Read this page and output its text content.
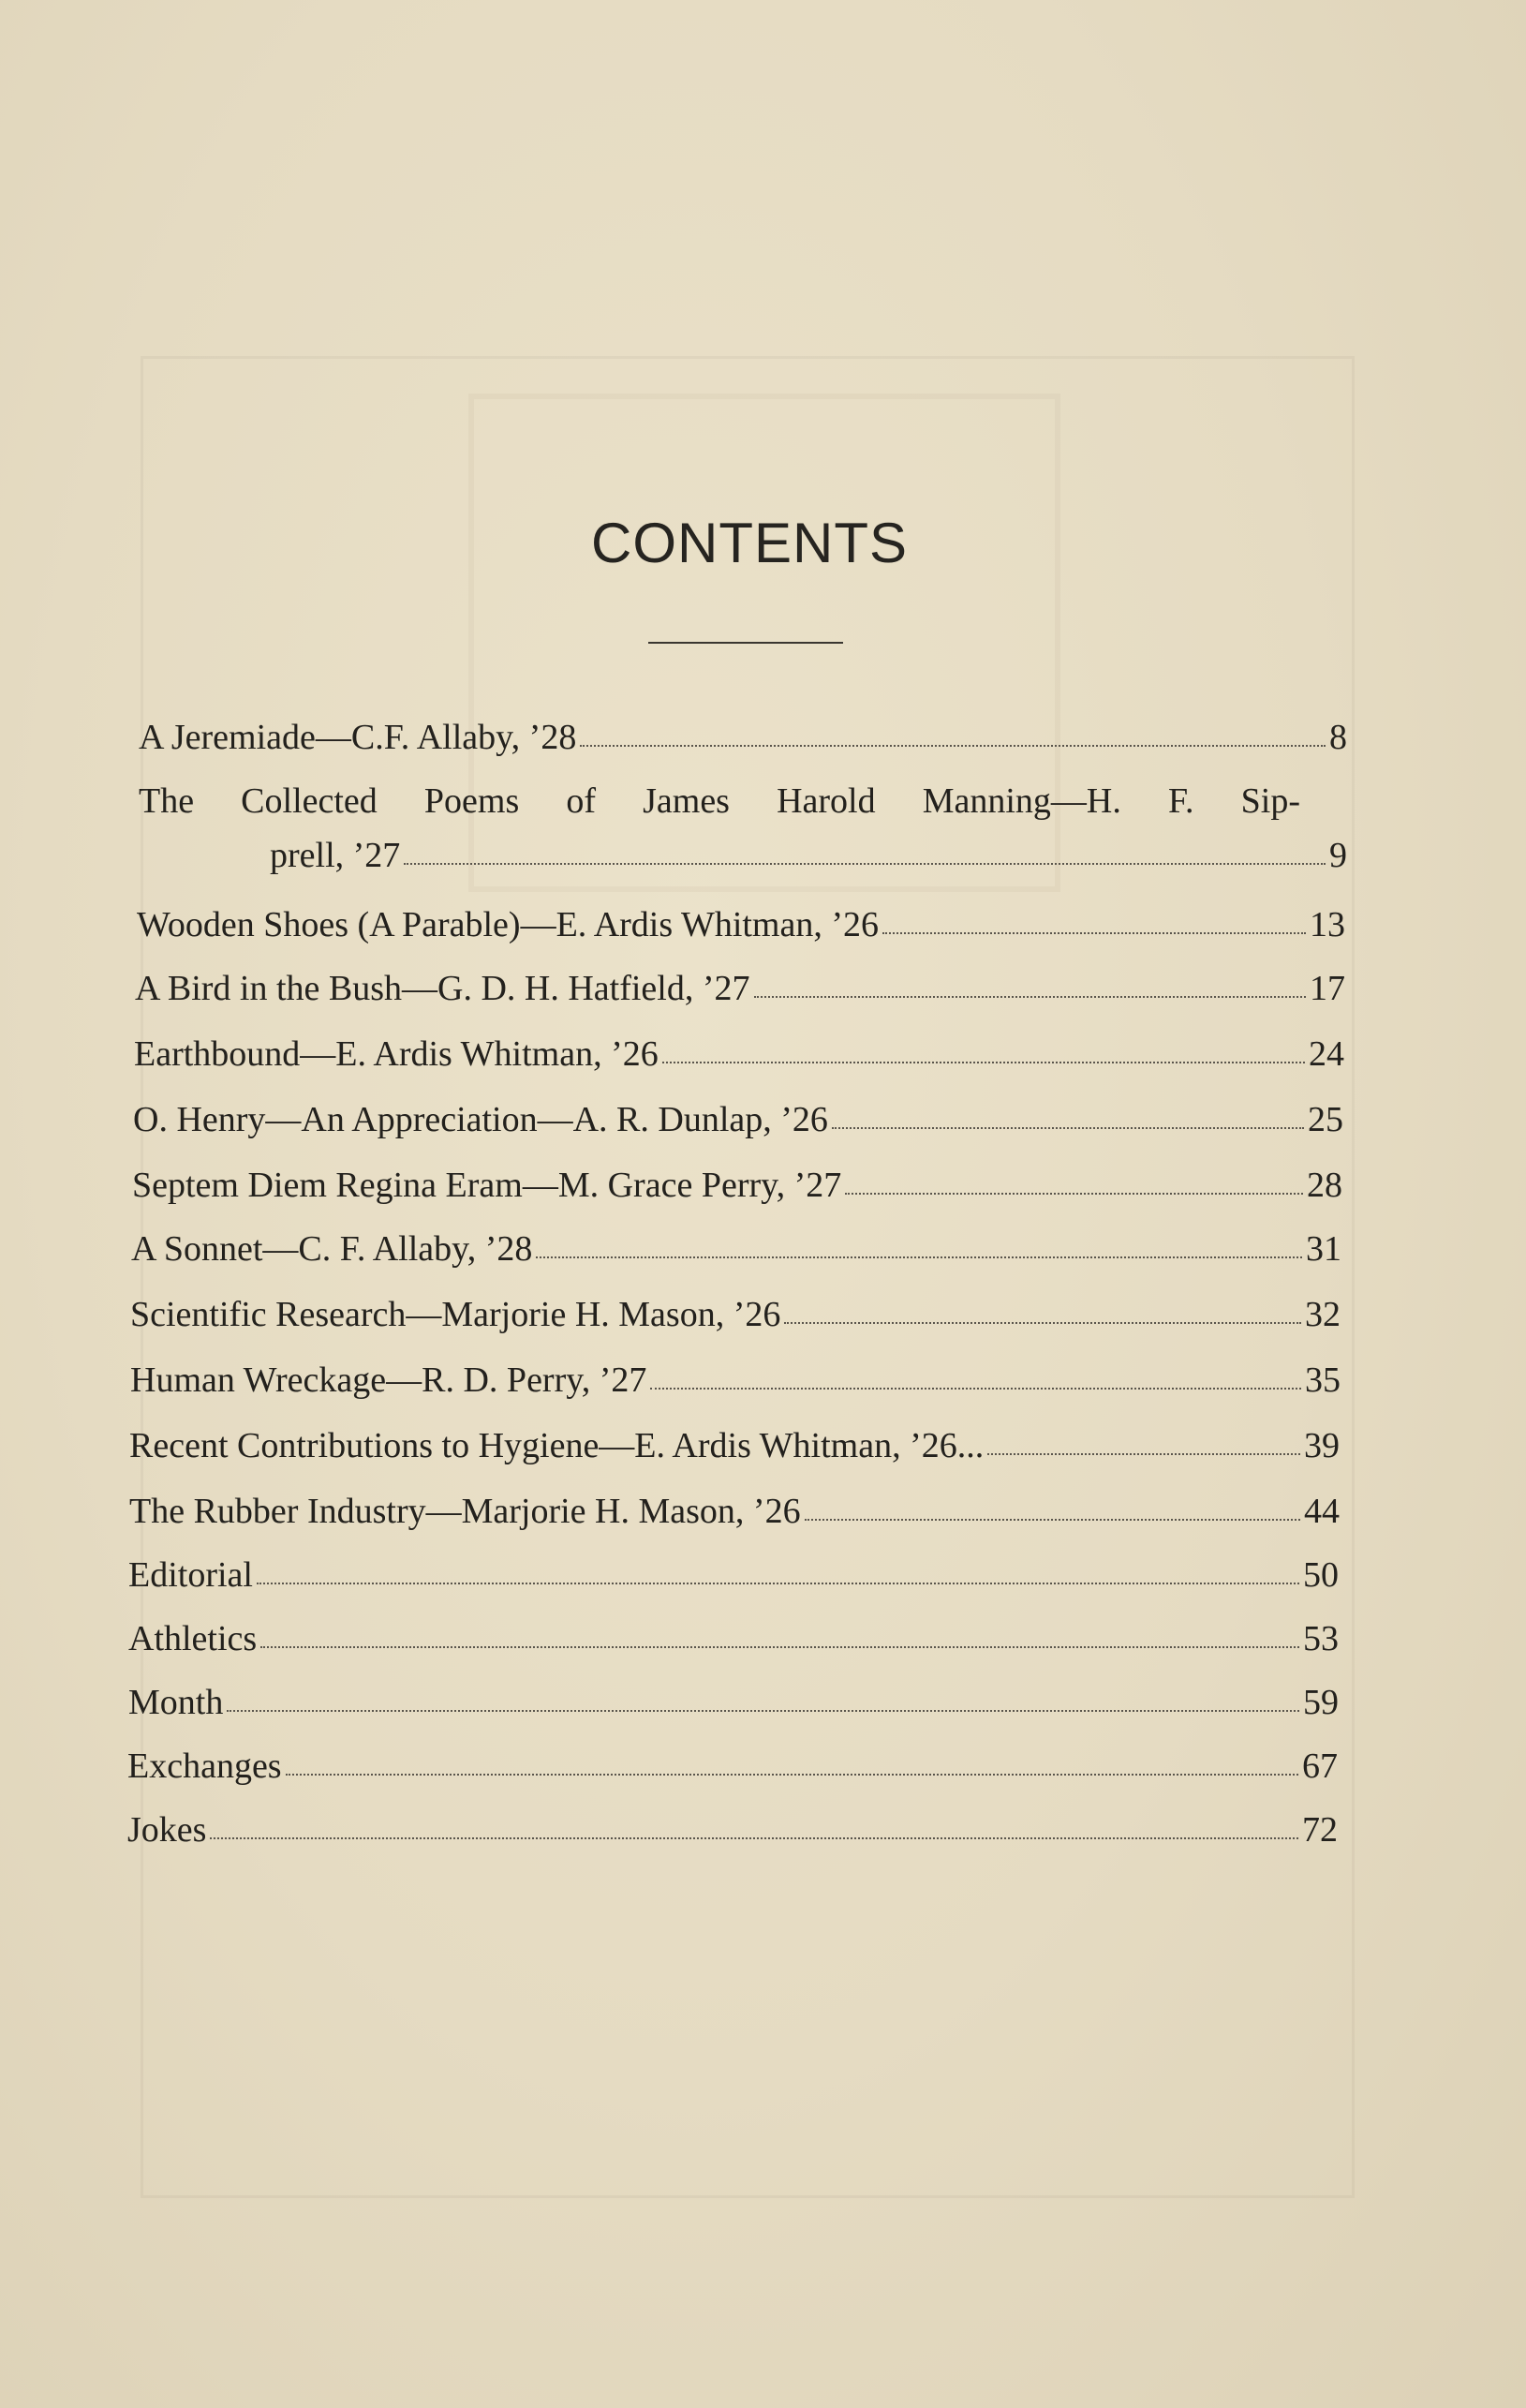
CONTENTS
A Jeremiade—C.F. Allaby, ’28	8
The Collected Poems of James Harold Manning—H. F. Sip-
prell, ’27	9
Wooden Shoes (A Parable)—E. Ardis Whitman, ’26	13
A Bird in the Bush—G. D. H. Hatfield, ’27	17
Earthbound—E. Ardis Whitman, ’26	24
O. Henry—An Appreciation—A. R. Dunlap, ’26	25
Septem Diem Regina Eram—M. Grace Perry, ’27	28
A Sonnet—C. F. Allaby, ’28	31
Scientific Research—Marjorie H. Mason, ’26	32
Human Wreckage—R. D. Perry, ’27	35
Recent Contributions to Hygiene—E. Ardis Whitman, ’26...	39
The Rubber Industry—Marjorie H. Mason, ’26	44
Editorial	50
Athletics	53
Month	59
Exchanges	67
Jokes	72
